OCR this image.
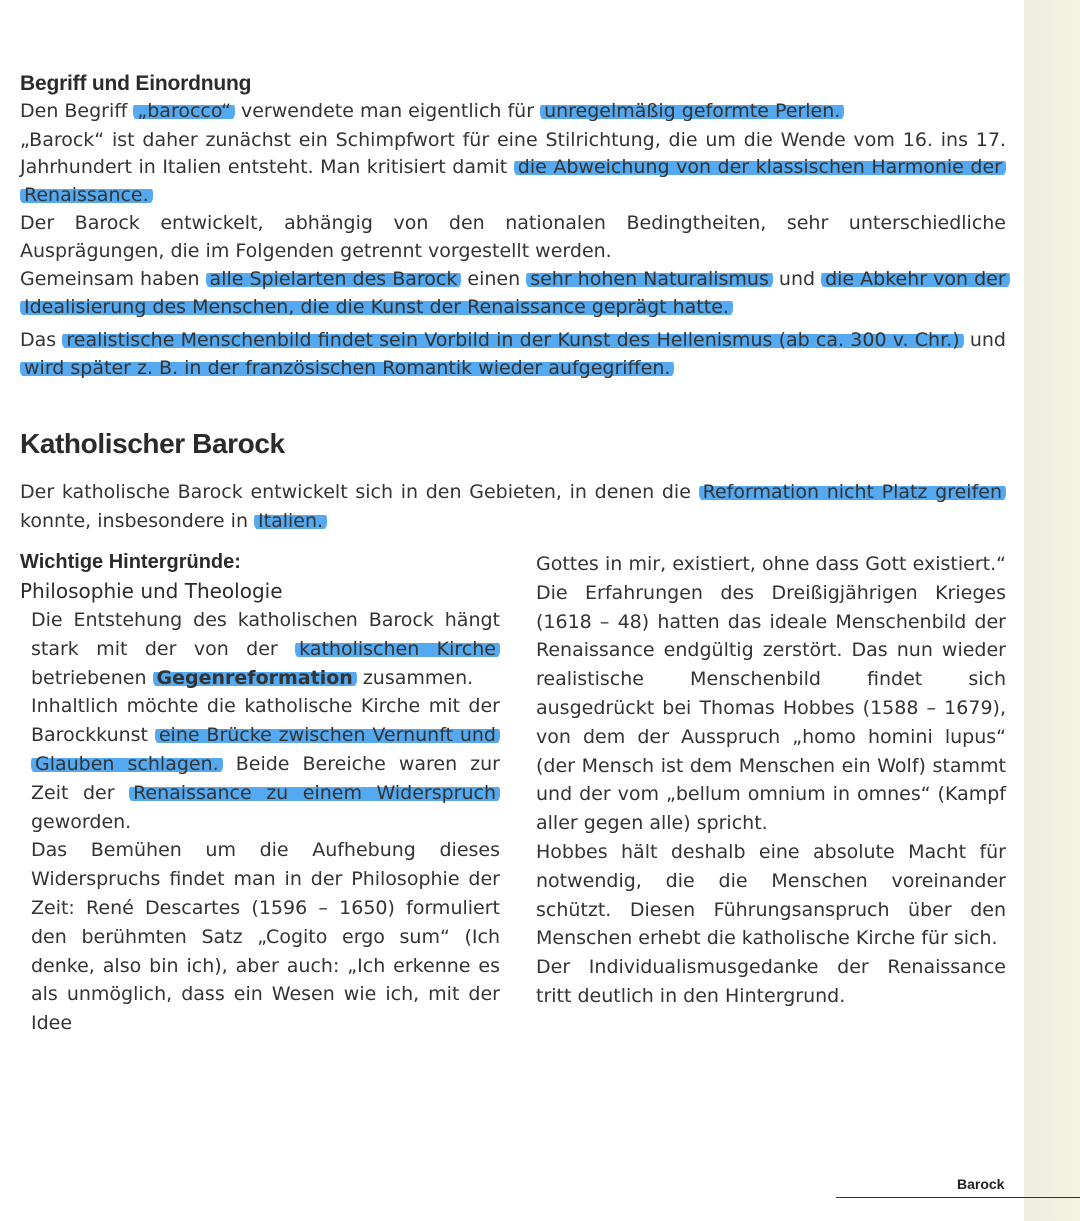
Begriff und Einordnung

Den Begriff „barocco“ verwendete man eigentlich für unregelmäßig geformte Perlen.

„Barock“ ist daher zunächst ein Schimpfwort für eine Stilrichtung, die um die Wende vom 16. ins 17. Jahrhundert in Italien entsteht. Man kritisiert damit die Abweichung von der klassischen Harmonie der Renaissance.

Der Barock entwickelt, abhängig von den nationalen Bedingtheiten, sehr unterschiedliche Ausprägungen, die im Folgenden getrennt vorgestellt werden.

Gemeinsam haben alle Spielarten des Barock einen sehr hohen Naturalismus und die Abkehr von der Idealisierung des Menschen, die die Kunst der Renaissance geprägt hatte.

Das realistische Menschenbild findet sein Vorbild in der Kunst des Hellenismus (ab ca. 300 v. Chr.) und wird später z. B. in der französischen Romantik wieder aufgegriffen.

Katholischer Barock

Der katholische Barock entwickelt sich in den Gebieten, in denen die Reformation nicht Platz greifen konnte, insbesondere in Italien.

Wichtige Hintergründe:

Philosophie und Theologie

Die Entstehung des katholischen Barock hängt stark mit der von der katholischen Kirche betriebenen Gegenreformation zusammen.
Inhaltlich möchte die katholische Kirche mit der Barockkunst eine Brücke zwischen Vernunft und Glauben schlagen. Beide Bereiche waren zur Zeit der Renaissance zu einem Widerspruch geworden.
Das Bemühen um die Aufhebung dieses Widerspruchs findet man in der Philosophie der Zeit: René Descartes (1596 – 1650) formuliert den berühmten Satz „Cogito ergo sum“ (Ich denke, also bin ich), aber auch: „Ich erkenne es als unmöglich, dass ein Wesen wie ich, mit der Idee

Gottes in mir, existiert, ohne dass Gott existiert.“ Die Erfahrungen des Dreißigjährigen Krieges (1618 – 48) hatten das ideale Menschenbild der Renaissance endgültig zerstört. Das nun wieder realistische Menschenbild findet sich ausgedrückt bei Thomas Hobbes (1588 – 1679), von dem der Ausspruch „homo homini lupus“ (der Mensch ist dem Menschen ein Wolf) stammt und der vom „bellum omnium in omnes“ (Kampf aller gegen alle) spricht.
Hobbes hält deshalb eine absolute Macht für notwendig, die die Menschen voreinander schützt. Diesen Führungsanspruch über den Menschen erhebt die katholische Kirche für sich.
Der Individualismusgedanke der Renaissance tritt deutlich in den Hintergrund.

Barock
